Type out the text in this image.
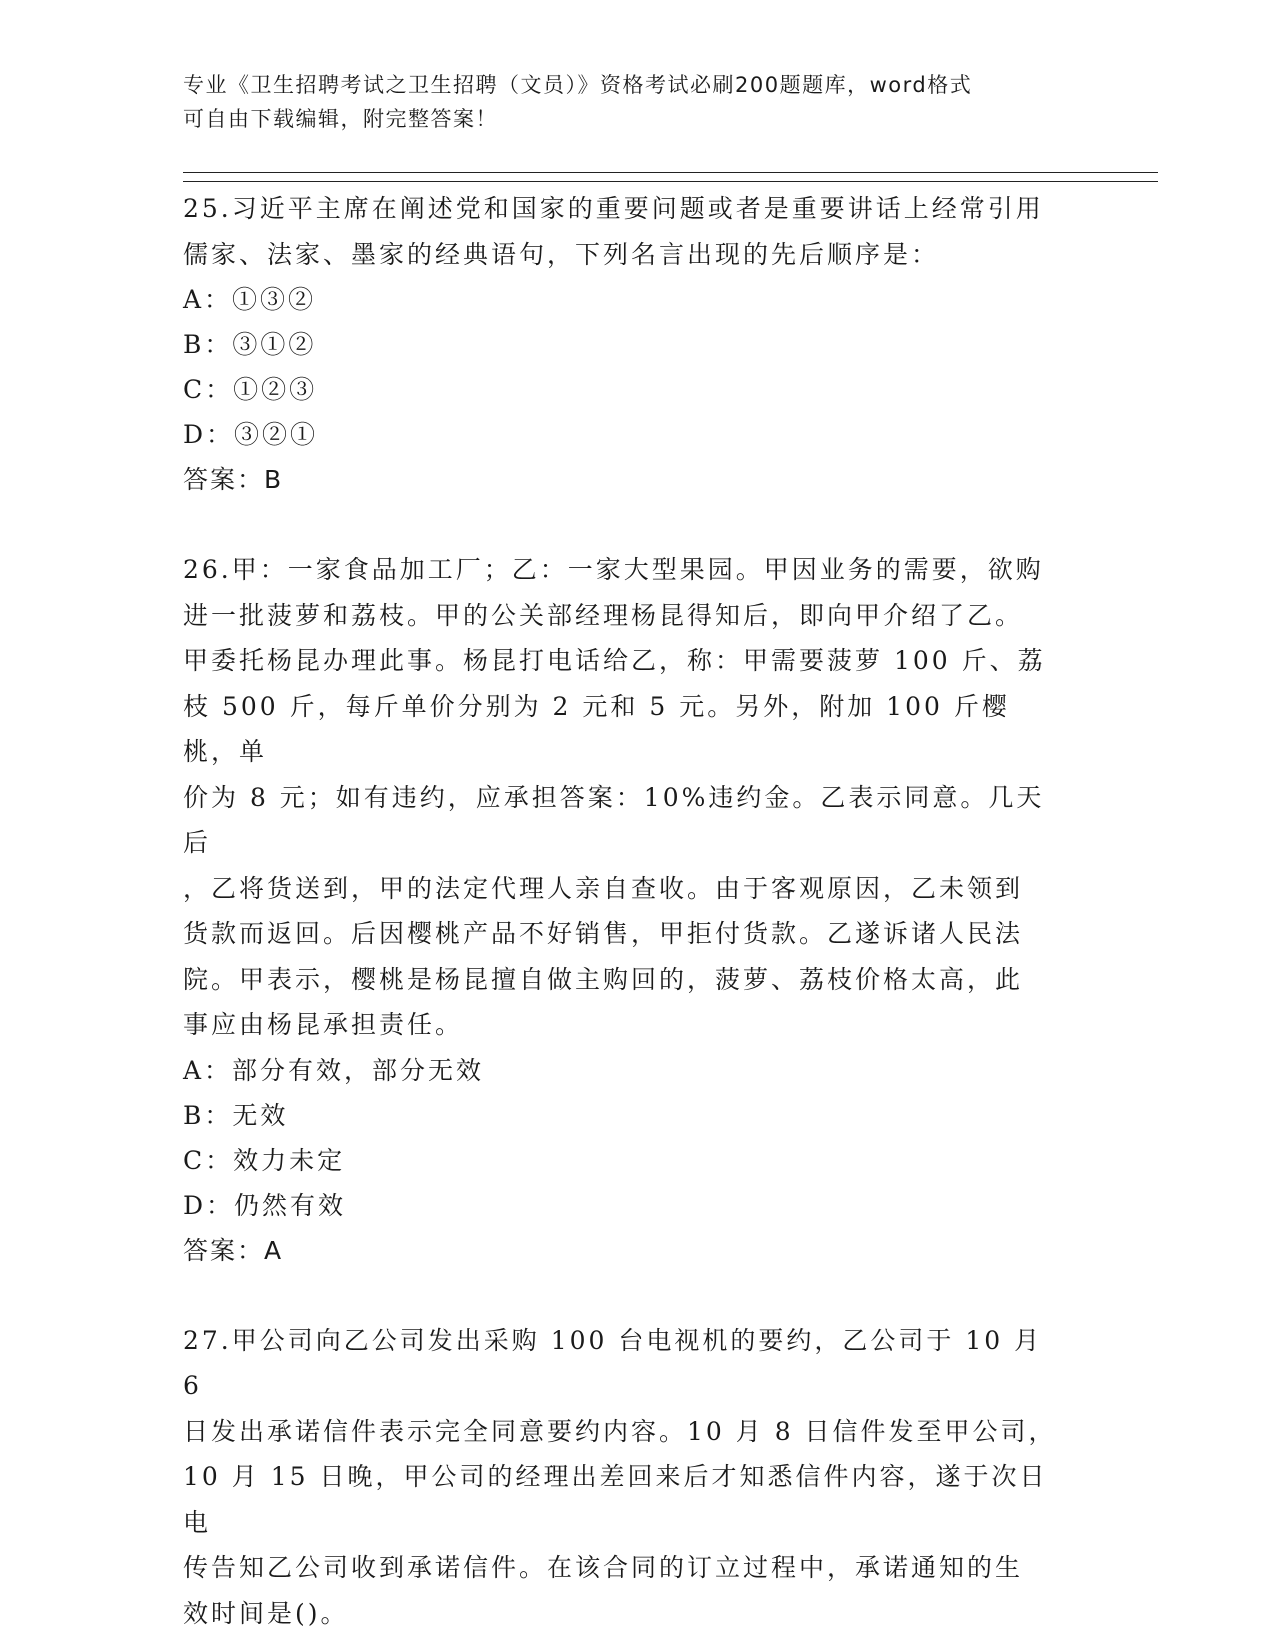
专业《卫生招聘考试之卫生招聘（文员）》资格考试必刷200题题库，word格式
可自由下载编辑，附完整答案！

25.习近平主席在阐述党和国家的重要问题或者是重要讲话上经常引用

儒家、法家、墨家的经典语句，下列名言出现的先后顺序是：

A：①③②

B：③①②

C：①②③

D：③②①

答案：B

26.甲：一家食品加工厂；乙：一家大型果园。甲因业务的需要，欲购

进一批菠萝和荔枝。甲的公关部经理杨昆得知后，即向甲介绍了乙。

甲委托杨昆办理此事。杨昆打电话给乙，称：甲需要菠萝 100 斤、荔

枝 500 斤，每斤单价分别为 2 元和 5 元。另外，附加 100 斤樱桃，单

价为 8 元；如有违约，应承担答案：10%违约金。乙表示同意。几天后

，乙将货送到，甲的法定代理人亲自查收。由于客观原因，乙未领到

货款而返回。后因樱桃产品不好销售，甲拒付货款。乙遂诉诸人民法

院。甲表示，樱桃是杨昆擅自做主购回的，菠萝、荔枝价格太高，此

事应由杨昆承担责任。

A：部分有效，部分无效

B：无效

C：效力未定

D：仍然有效

答案：A

27.甲公司向乙公司发出采购 100 台电视机的要约，乙公司于 10 月 6

日发出承诺信件表示完全同意要约内容。10 月 8 日信件发至甲公司，

10 月 15 日晚，甲公司的经理出差回来后才知悉信件内容，遂于次日电

传告知乙公司收到承诺信件。在该合同的订立过程中，承诺通知的生

效时间是()。
